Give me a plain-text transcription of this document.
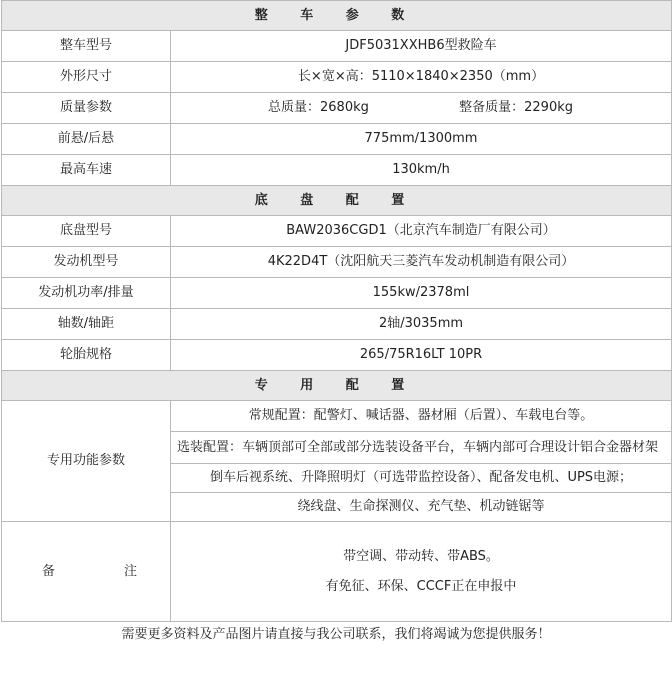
整 车 参 数	
整车型号	JDF5031XXHB6型救险车
外形尺寸	长×宽×高：5110×1840×2350（mm）
质量参数	总质量：2680kg 整备质量：2290kg

前悬/后悬	775mm/1300mm
最高车速	130km/h
底 盘 配 置	
底盘型号	BAW2036CGD1（北京汽车制造厂有限公司）
发动机型号	4K22D4T（沈阳航天三菱汽车发动机制造有限公司）
发动机功率/排量	155kw/2378ml
轴数/轴距	2轴/3035mm
轮胎规格	265/75R16LT 10PR
专 用 配 置	
专用功能参数	常规配置：配警灯、喊话器、器材厢（后置）、车载电台等。
	选装配置：车辆顶部可全部或部分选装设备平台，车辆内部可合理设计铝合金器材架
	倒车后视系统、升降照明灯（可选带监控设备）、配备发电机、UPS电源；
	绕线盘、生命探测仪、充气垫、机动链锯等
备 注	带空调、带动转、带ABS。
有免征、环保、CCCF正在申报中
需要更多资料及产品图片请直接与我公司联系，我们将竭诚为您提供服务！
